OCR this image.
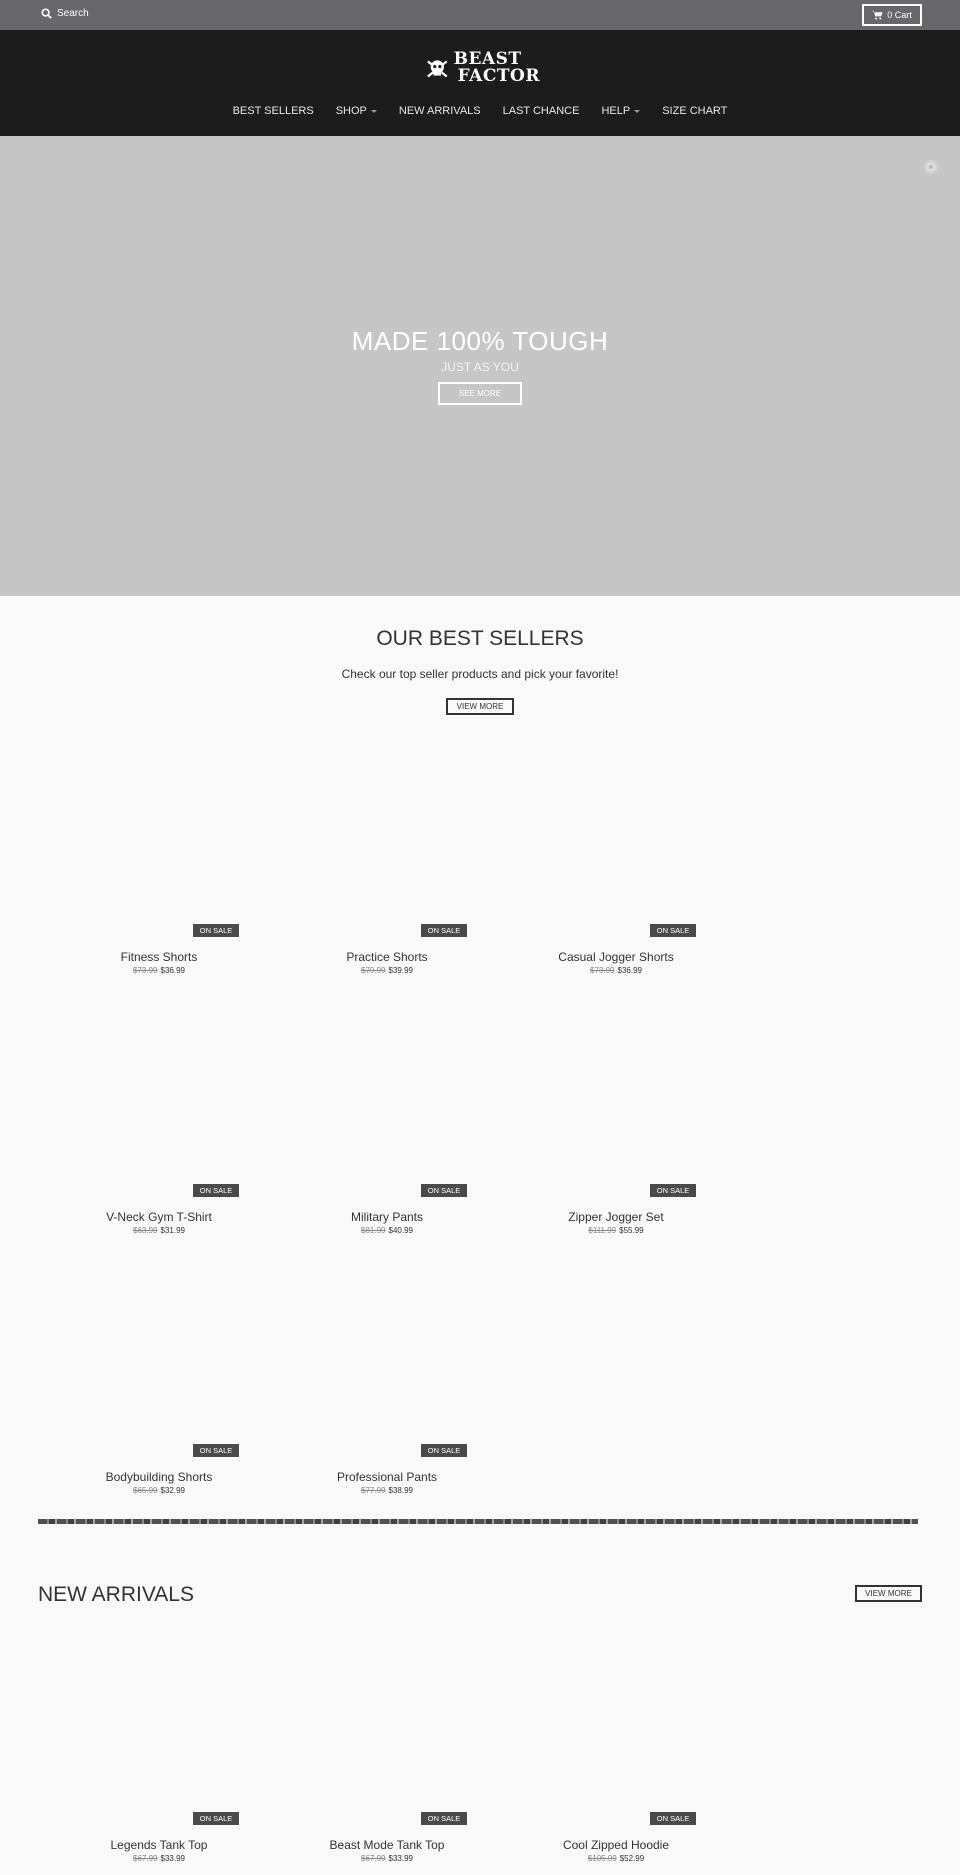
Search	0 Cart
BEAST
FACTOR
BEST SELLERS SHOP	NEW ARRIVALS LAST CHANCE HELP	SIZE CHART
MADE 100% TOUGH
JUST AS YOU
SEE MORE
OUR BEST SELLERS
Check our top seller products and pick your favorite!
VIEW MORE
ON SALE
Fitness Shorts
$73.99 $36.99
ON SALE
Practice Shorts
$79.99 $39.99
ON SALE
Casual Jogger Shorts
$73.99 $36.99
ON SALE
V-Neck Gym T-Shirt
$63.99 $31.99
ON SALE
Military Pants
$81.99 $40.99
ON SALE
Zipper Jogger Set
$111.99 $55.99
ON SALE
Bodybuilding Shorts
$65.99 $32.99
ON SALE
Professional Pants
$77.99 $38.99
NEW ARRIVALS	VIEW MORE
ON SALE
Legends Tank Top
$67.99 $33.99
ON SALE
Beast Mode Tank Top
$67.99 $33.99
ON SALE
Cool Zipped Hoodie
$105.99 $52.99
